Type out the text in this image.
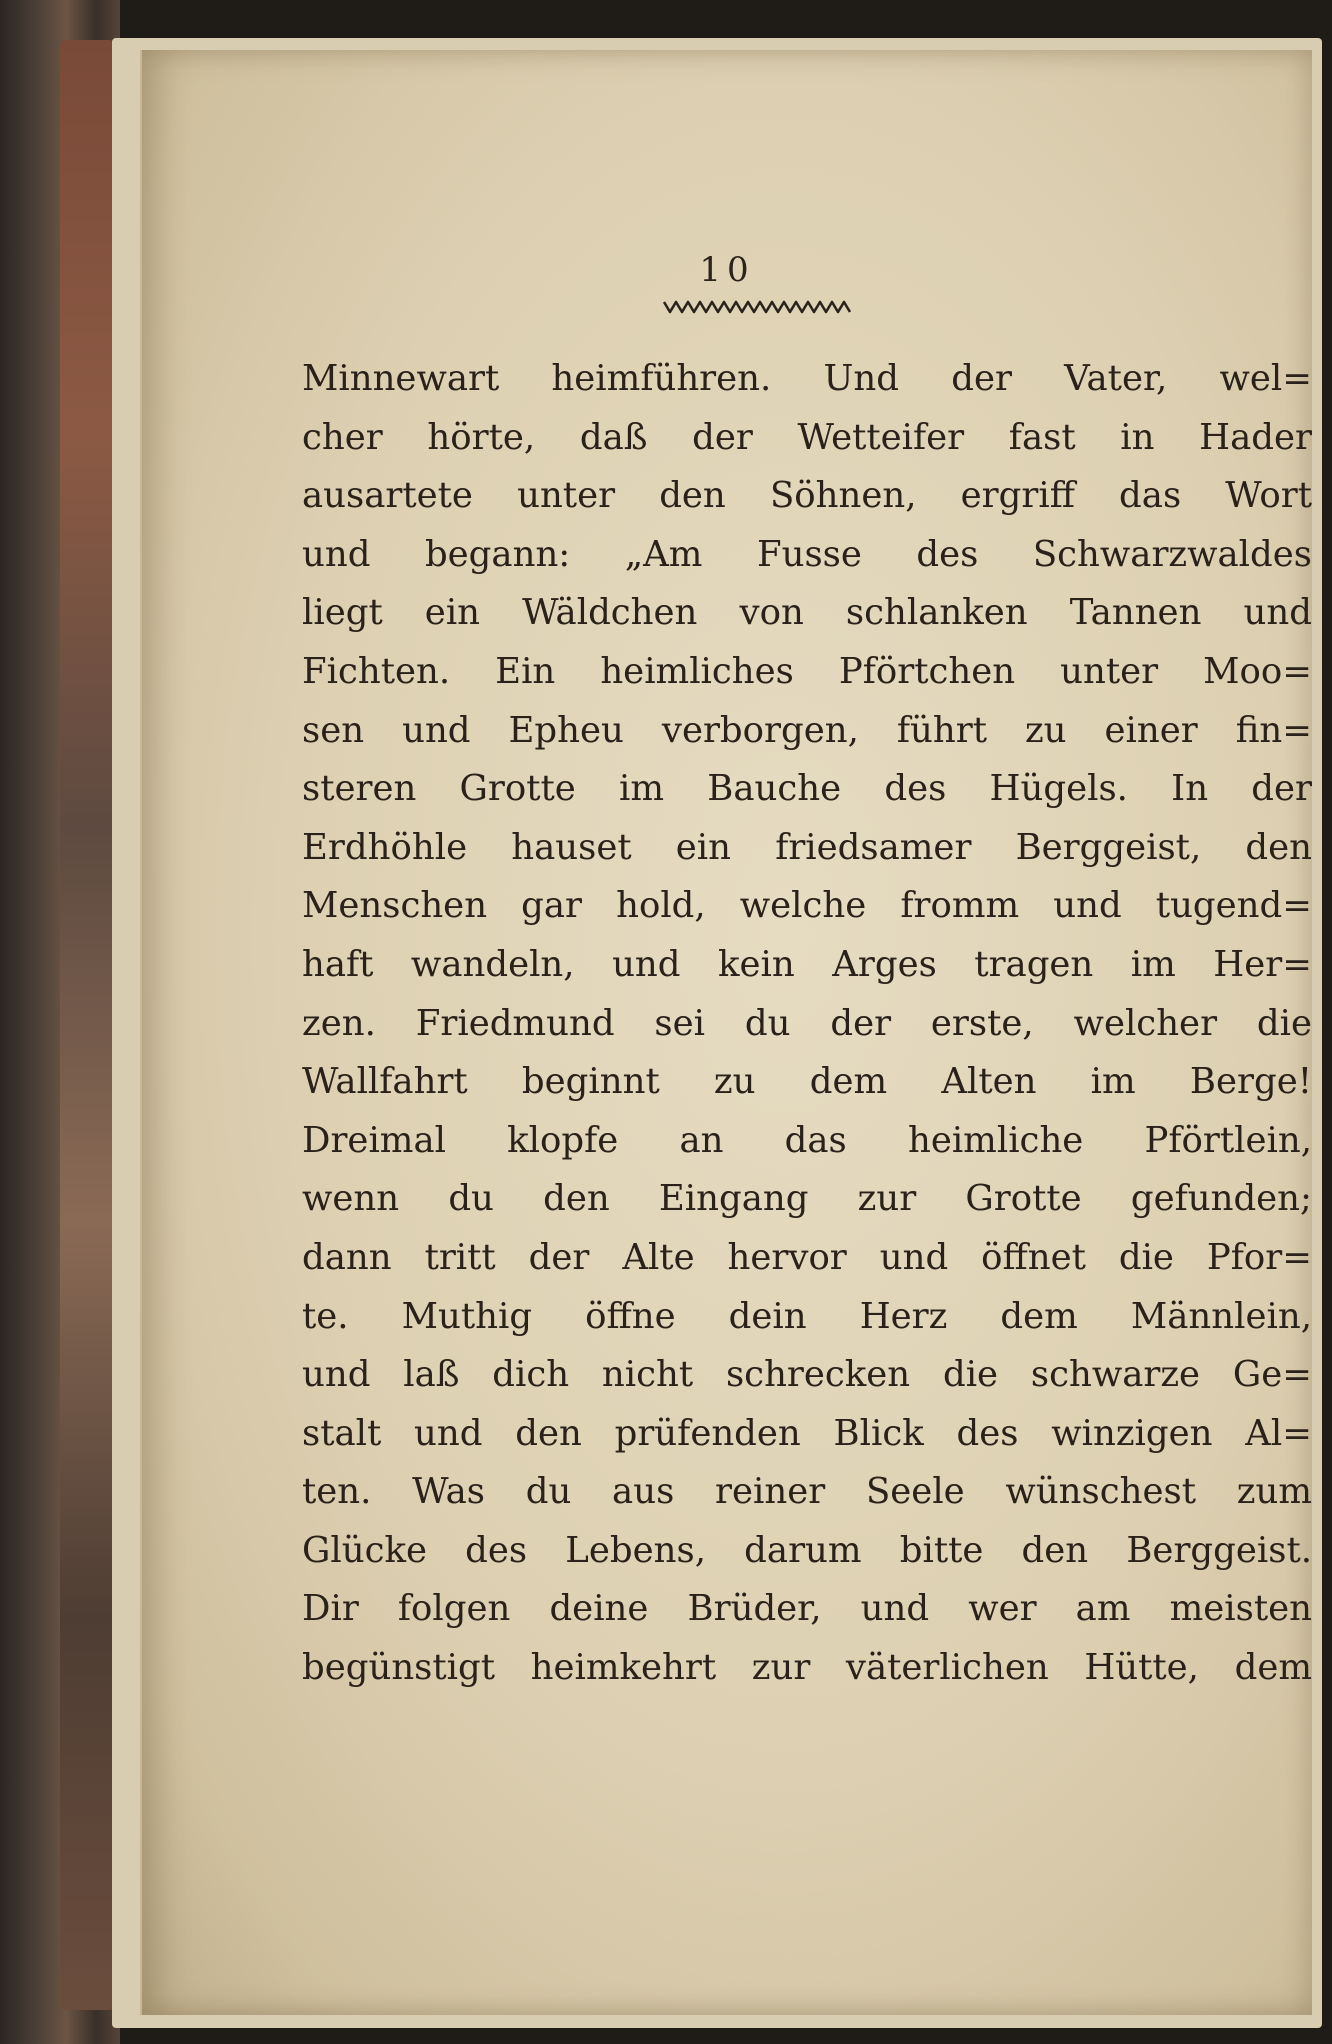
10
Minnewart heimführen. Und der Vater, wel=
cher hörte, daß der Wetteifer fast in Hader
ausartete unter den Söhnen, ergriff das Wort
und begann: „Am Fusse des Schwarzwaldes
liegt ein Wäldchen von schlanken Tannen und
Fichten. Ein heimliches Pförtchen unter Moo=
sen und Epheu verborgen, führt zu einer fin=
steren Grotte im Bauche des Hügels. In der
Erdhöhle hauset ein friedsamer Berggeist, den
Menschen gar hold, welche fromm und tugend=
haft wandeln, und kein Arges tragen im Her=
zen. Friedmund sei du der erste, welcher die
Wallfahrt beginnt zu dem Alten im Berge!
Dreimal klopfe an das heimliche Pförtlein,
wenn du den Eingang zur Grotte gefunden;
dann tritt der Alte hervor und öffnet die Pfor=
te. Muthig öffne dein Herz dem Männlein,
und laß dich nicht schrecken die schwarze Ge=
stalt und den prüfenden Blick des winzigen Al=
ten. Was du aus reiner Seele wünschest zum
Glücke des Lebens, darum bitte den Berggeist.
Dir folgen deine Brüder, und wer am meisten
begünstigt heimkehrt zur väterlichen Hütte, dem
